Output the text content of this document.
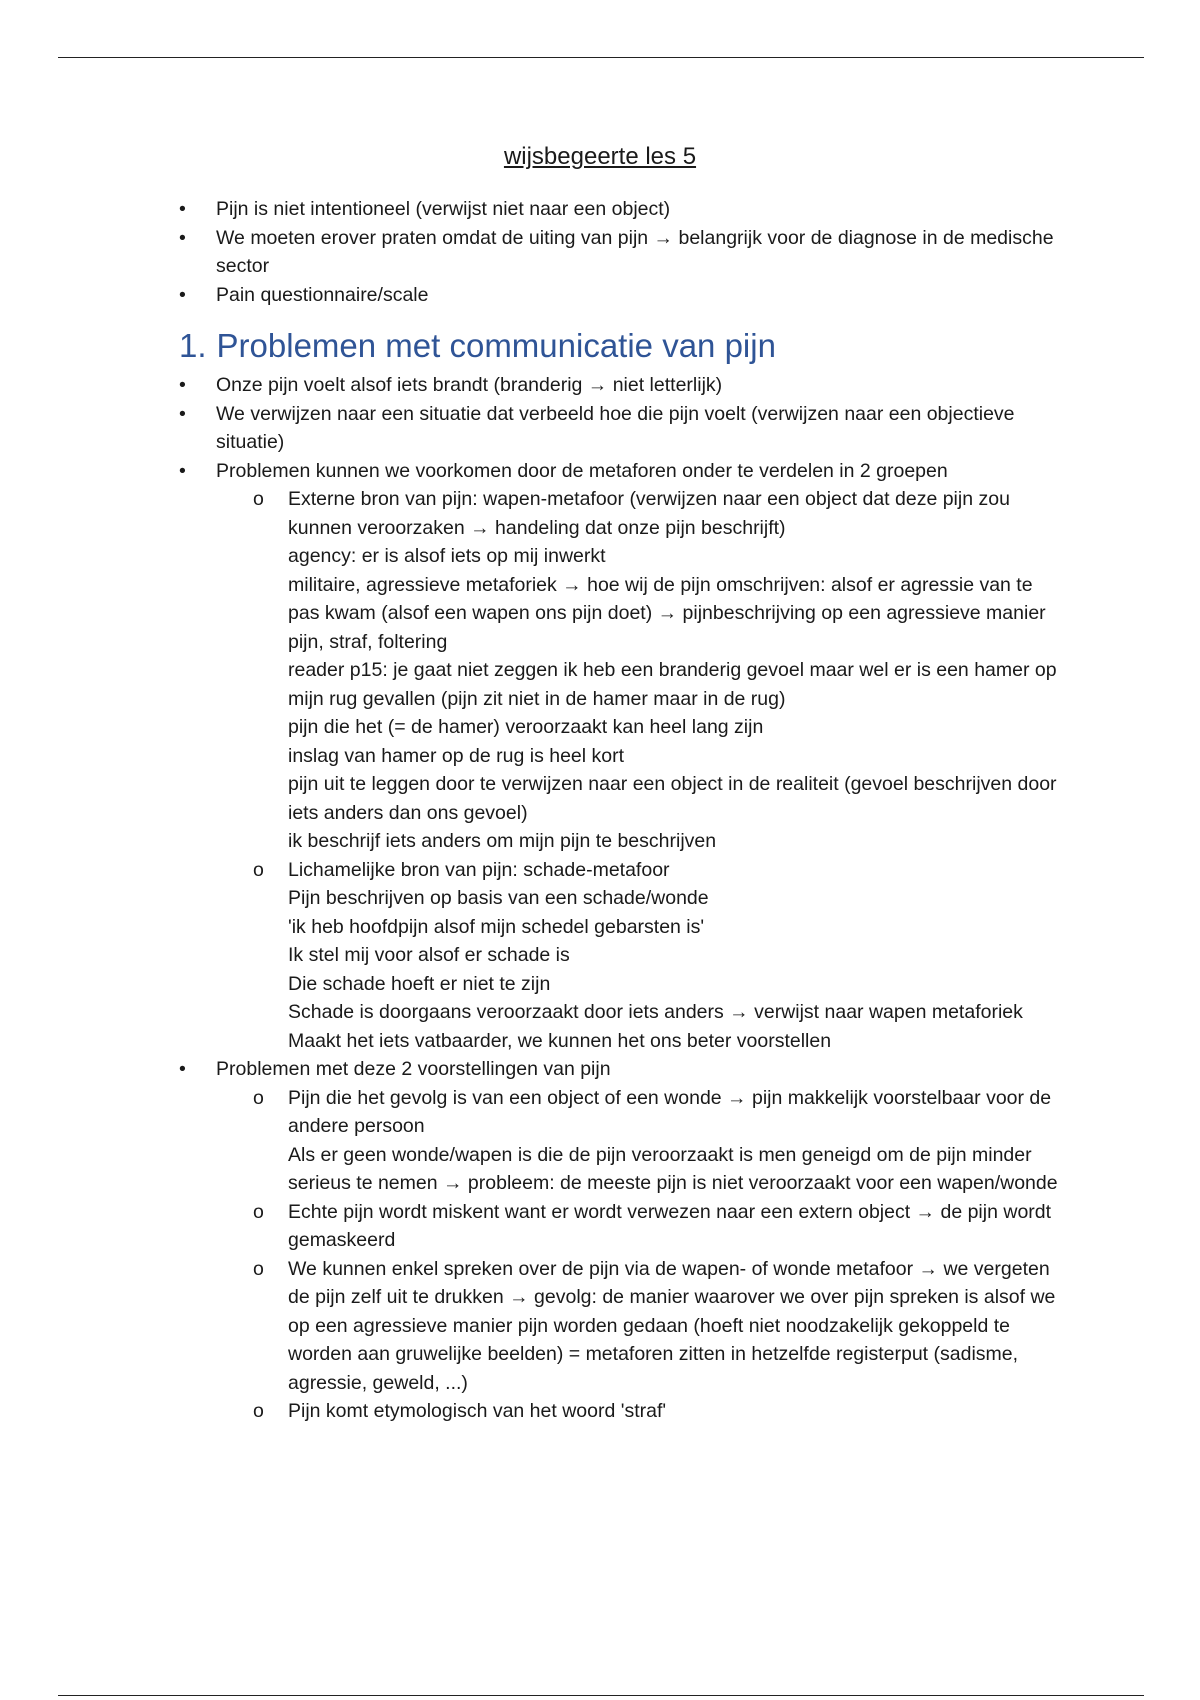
wijsbegeerte les 5
• Pijn is niet intentioneel (verwijst niet naar een object)
• We moeten erover praten omdat de uiting van pijn → belangrijk voor de diagnose in de medische sector
• Pain questionnaire/scale
1. Problemen met communicatie van pijn
• Onze pijn voelt alsof iets brandt (branderig → niet letterlijk)
• We verwijzen naar een situatie dat verbeeld hoe die pijn voelt (verwijzen naar een objectieve situatie)
• Problemen kunnen we voorkomen door de metaforen onder te verdelen in 2 groepen
o Externe bron van pijn: wapen-metafoor (verwijzen naar een object dat deze pijn zou kunnen veroorzaken → handeling dat onze pijn beschrijft)
agency: er is alsof iets op mij inwerkt
militaire, agressieve metaforiek → hoe wij de pijn omschrijven: alsof er agressie van te pas kwam (alsof een wapen ons pijn doet) → pijnbeschrijving op een agressieve manier
pijn, straf, foltering
reader p15: je gaat niet zeggen ik heb een branderig gevoel maar wel er is een hamer op mijn rug gevallen (pijn zit niet in de hamer maar in de rug)
pijn die het (= de hamer) veroorzaakt kan heel lang zijn
inslag van hamer op de rug is heel kort
pijn uit te leggen door te verwijzen naar een object in de realiteit (gevoel beschrijven door iets anders dan ons gevoel)
ik beschrijf iets anders om mijn pijn te beschrijven
o Lichamelijke bron van pijn: schade-metafoor
Pijn beschrijven op basis van een schade/wonde
'ik heb hoofdpijn alsof mijn schedel gebarsten is'
Ik stel mij voor alsof er schade is
Die schade hoeft er niet te zijn
Schade is doorgaans veroorzaakt door iets anders → verwijst naar wapen metaforiek
Maakt het iets vatbaarder, we kunnen het ons beter voorstellen
• Problemen met deze 2 voorstellingen van pijn
o Pijn die het gevolg is van een object of een wonde → pijn makkelijk voorstelbaar voor de andere persoon
Als er geen wonde/wapen is die de pijn veroorzaakt is men geneigd om de pijn minder serieus te nemen → probleem: de meeste pijn is niet veroorzaakt voor een wapen/wonde
o Echte pijn wordt miskent want er wordt verwezen naar een extern object → de pijn wordt gemaskeerd
o We kunnen enkel spreken over de pijn via de wapen- of wonde metafoor → we vergeten de pijn zelf uit te drukken → gevolg: de manier waarover we over pijn spreken is alsof we op een agressieve manier pijn worden gedaan (hoeft niet noodzakelijk gekoppeld te worden aan gruwelijke beelden) = metaforen zitten in hetzelfde registerput (sadisme, agressie, geweld, ...)
o Pijn komt etymologisch van het woord 'straf'
